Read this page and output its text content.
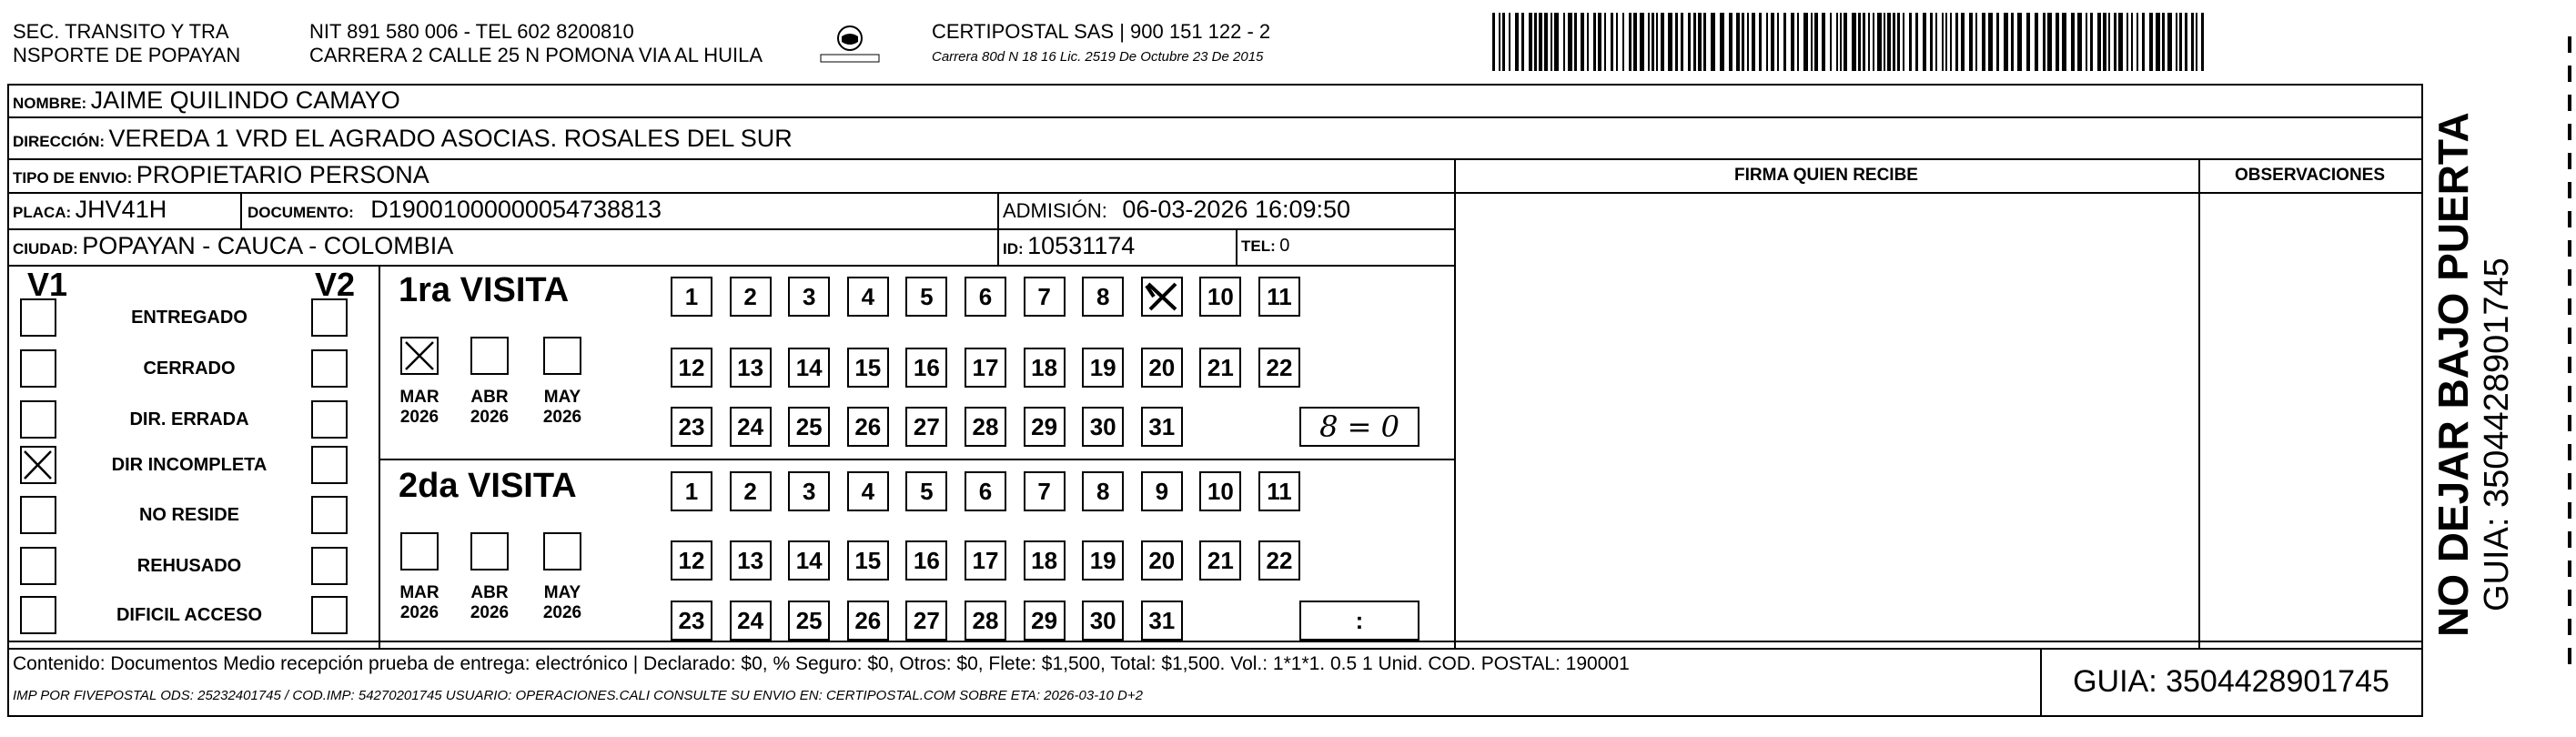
SEC. TRANSITO Y TRA
NSPORTE DE POPAYAN
NIT 891 580 006 - TEL 602 8200810
CARRERA 2 CALLE 25 N POMONA VIA AL HUILA
CERTIPOSTAL SAS | 900 151 122 - 2
Carrera 80d N 18 16 Lic. 2519 De Octubre 23 De 2015
NOMBRE: JAIME QUILINDO CAMAYO
DIRECCIÓN: VEREDA 1 VRD EL AGRADO ASOCIAS. ROSALES DEL SUR
TIPO DE ENVIO: PROPIETARIO PERSONA	FIRMA QUIEN RECIBE	OBSERVACIONES
PLACA: JHV41H	DOCUMENTO: D19001000000054738813	ADMISIÓN: 06-03-2026 16:09:50
CIUDAD: POPAYAN - CAUCA - COLOMBIA	ID: 10531174	TEL: 0
V1	V2
ENTREGADO
CERRADO
DIR. ERRADA
DIR INCOMPLETA
NO RESIDE
REHUSADO
DIFICIL ACCESO
1ra VISITA
2da VISITA
MAR
2026
ABR
2026
MAY
2026
MAR
2026
ABR
2026
MAY
2026
1	2	3	4	5	6	7	8	10	11
12	13	14	15	16	17	18	19	20	21	22
23	24	25	26	27	28	29	30	31
1	2	3	4	5	6	7	8	9	10	11
12	13	14	15	16	17	18	19	20	21	22
23	24	25	26	27	28	29	30	31
8 = 0
:
Contenido: Documentos Medio recepción prueba de entrega: electrónico | Declarado: $0, % Seguro: $0, Otros: $0, Flete: $1,500, Total: $1,500. Vol.: 1*1*1. 0.5 1 Unid. COD. POSTAL: 190001
IMP POR FIVEPOSTAL ODS: 25232401745 / COD.IMP: 54270201745 USUARIO: OPERACIONES.CALI CONSULTE SU ENVIO EN: CERTIPOSTAL.COM SOBRE ETA: 2026-03-10 D+2	GUIA: 3504428901745
NO DEJAR BAJO PUERTA GUIA: 3504428901745
